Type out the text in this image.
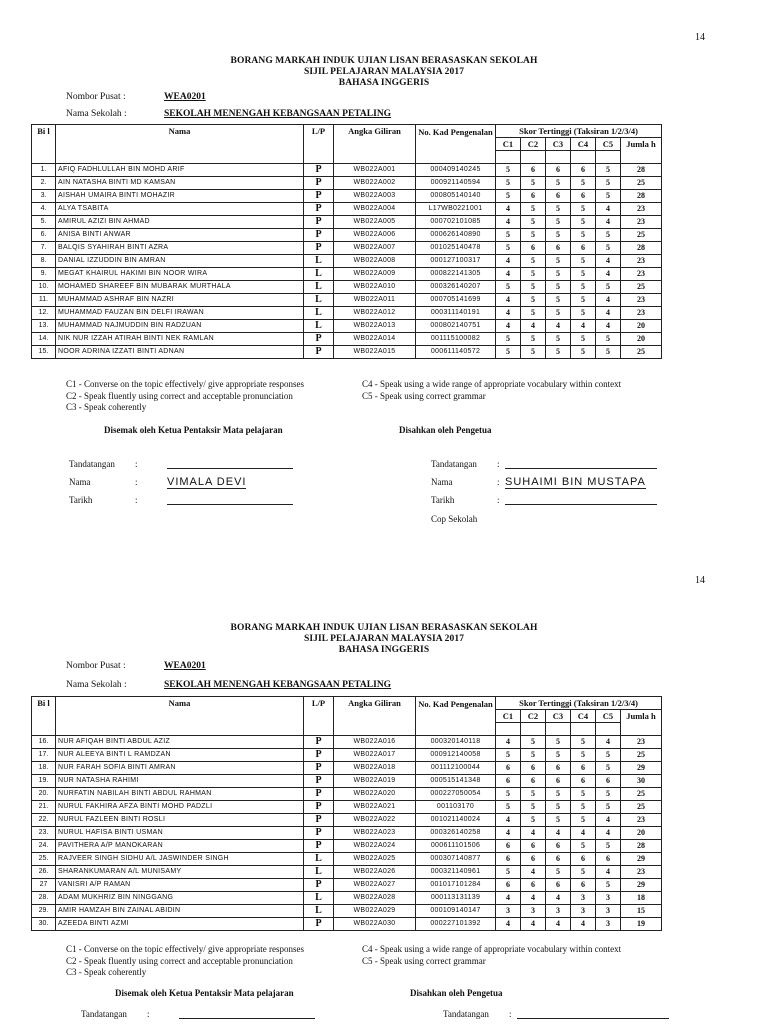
14
BORANG MARKAH INDUK UJIAN LISAN BERASASKAN SEKOLAH
SIJIL PELAJARAN MALAYSIA 2017
BAHASA INGGERIS
Nombor Pusat :	WEA0201
Nama Sekolah :	SEKOLAH MENENGAH KEBANGSAAN PETALING
Bi l	Nama	L/P	Angka Giliran	No. Kad Pengenalan	Skor Tertinggi (Taksiran 1/2/3/4)					
					C1	C2	C3	C4	C5	Jumla h

1.	AFIQ FADHLULLAH BIN MOHD ARIF	P	WB022A001	000409140245	5	6	6	6	5	28
2.	AIN NATASHA BINTI MD KAMSAN	P	WB022A002	000921140594	5	5	5	5	5	25
3.	AISHAH UMAIRA BINTI MOHAZIR	P	WB022A003	000805140140	5	6	6	6	5	28
4.	ALYA TSABITA	P	WB022A004	L17WB0221001	4	5	5	5	4	23
5.	AMIRUL AZIZI BIN AHMAD	P	WB022A005	000702101085	4	5	5	5	4	23
6.	ANISA BINTI ANWAR	P	WB022A006	000626140890	5	5	5	5	5	25
7.	BALQIS SYAHIRAH BINTI AZRA	P	WB022A007	001025140478	5	6	6	6	5	28
8.	DANIAL IZZUDDIN BIN AMRAN	L	WB022A008	000127100317	4	5	5	5	4	23
9.	MEGAT KHAIRUL HAKIMI BIN NOOR WIRA	L	WB022A009	000822141305	4	5	5	5	4	23
10.	MOHAMED SHAREEF BIN MUBARAK MURTHALA	L	WB022A010	000326140207	5	5	5	5	5	25
11.	MUHAMMAD ASHRAF BIN NAZRI	L	WB022A011	000705141699	4	5	5	5	4	23
12.	MUHAMMAD FAUZAN BIN DELFI IRAWAN	L	WB022A012	000311140191	4	5	5	5	4	23
13.	MUHAMMAD NAJMUDDIN BIN RADZUAN	L	WB022A013	000802140751	4	4	4	4	4	20
14.	NIK NUR IZZAH ATIRAH BINTI NEK RAMLAN	P	WB022A014	001115100082	5	5	5	5	5	20
15.	NOOR ADRINA IZZATI BINTI ADNAN	P	WB022A015	000611140572	5	5	5	5	5	25
C1 - Converse on the topic effectively/ give appropriate responses
C2 - Speak fluently using correct and acceptable pronunciation
C3 - Speak coherently
C4 - Speak using a wide range of appropriate vocabulary within context
C5 - Speak using correct grammar
Disemak oleh Ketua Pentaksir Mata pelajaran	Disahkan oleh Pengetua
Tandatangan :
Nama	:	VIMALA DEVI
Tarikh	:
Tandatangan :
Nama	: SUHAIMI BIN MUSTAPA
Tarikh	:
Cop Sekolah
14
BORANG MARKAH INDUK UJIAN LISAN BERASASKAN SEKOLAH
SIJIL PELAJARAN MALAYSIA 2017
BAHASA INGGERIS
Nombor Pusat :	WEA0201
Nama Sekolah :	SEKOLAH MENENGAH KEBANGSAAN PETALING
Bi l	Nama	L/P	Angka Giliran	No. Kad Pengenalan	Skor Tertinggi (Taksiran 1/2/3/4)					
					C1	C2	C3	C4	C5	Jumla h

16.	NUR AFIQAH BINTI ABDUL AZIZ	P	WB022A016	000320140118	4	5	5	5	4	23
17.	NUR ALEEYA BINTI L RAMDZAN	P	WB022A017	000912140058	5	5	5	5	5	25
18.	NUR FARAH SOFIA BINTI AMRAN	P	WB022A018	001112100044	6	6	6	6	5	29
19.	NUR NATASHA RAHIMI	P	WB022A019	000515141348	6	6	6	6	6	30
20.	NURFATIN NABILAH BINTI ABDUL RAHMAN	P	WB022A020	000227050054	5	5	5	5	5	25
21.	NURUL FAKHIRA AFZA BINTI MOHD PADZLI	P	WB022A021	001103170	5	5	5	5	5	25
22.	NURUL FAZLEEN BINTI ROSLI	P	WB022A022	001021140024	4	5	5	5	4	23
23.	NURUL HAFISA BINTI USMAN	P	WB022A023	000326140258	4	4	4	4	4	20
24.	PAVITHERA A/P MANOKARAN	P	WB022A024	000611101506	6	6	6	5	5	28
25.	RAJVEER SINGH SIDHU A/L JASWINDER SINGH	L	WB022A025	000307140877	6	6	6	6	6	29
26.	SHARANKUMARAN A/L MUNISAMY	L	WB022A026	000321140961	5	4	5	5	4	23
27	VANISRI A/P RAMAN	P	WB022A027	001017101284	6	6	6	6	5	29
28.	ADAM MUKHRIZ BIN NINGGANG	L	WB022A028	000113131139	4	4	4	3	3	18
29.	AMIR HAMZAH BIN ZAINAL ABIDIN	L	WB022A029	000109140147	3	3	3	3	3	15
30.	AZEEDA BINTI AZMI	P	WB022A030	000227101392	4	4	4	4	3	19
C1 - Converse on the topic effectively/ give appropriate responses
C2 - Speak fluently using correct and acceptable pronunciation
C3 - Speak coherently
C4 - Speak using a wide range of appropriate vocabulary within context
C5 - Speak using correct grammar
Disemak oleh Ketua Pentaksir Mata pelajaran	Disahkan oleh Pengetua
Tandatangan :	Tandatangan :
